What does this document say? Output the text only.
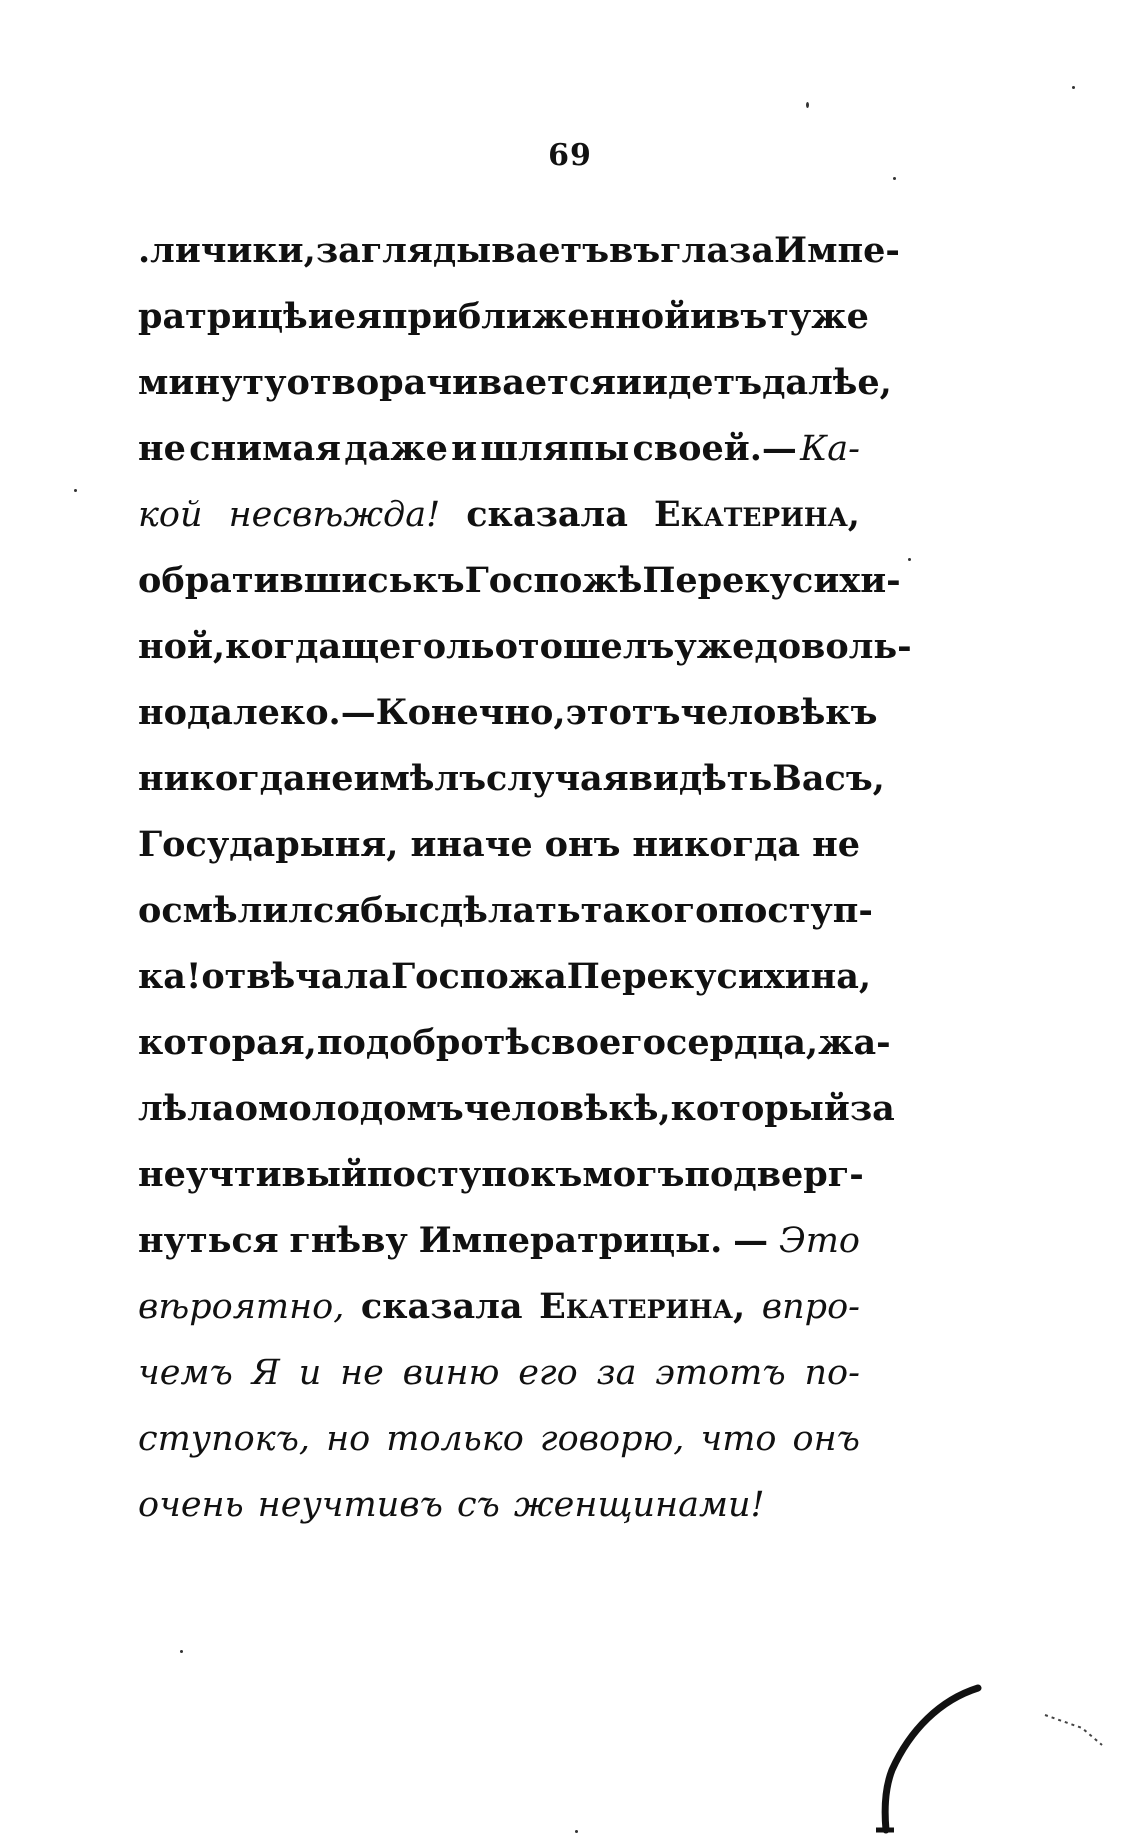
69
.личики, заглядываетъ въ глаза Импе-
ратрицѣ и ея приближенной и въ туже
минуту отворачивается и идетъ далѣе,
не снимая даже и шляпы своей.— Ка-
кой несвѣжда! сказала Екатерина,
обратившись къ Госпожѣ Перекусихи-
ной, когда щеголь отошелъ уже доволь-
но далеко. — Конечно, этотъ человѣкъ
никогда не имѣлъ случая видѣть Васъ,
Государыня, иначе онъ никогда не
осмѣлился бы сдѣлать такого поступ-
ка! отвѣчала Госпожа Перекусихина,
которая, по добротѣ своего сердца, жа-
лѣла о молодомъ человѣкѣ, который за
неучтивый поступокъ могъ подверг-
нуться гнѣву Императрицы. — Это
вѣроятно, сказала Екатерина, впро-
чемъ Я и не виню его за этотъ по-
ступокъ, но только говорю, что онъ
очень неучтивъ съ женщинами!
